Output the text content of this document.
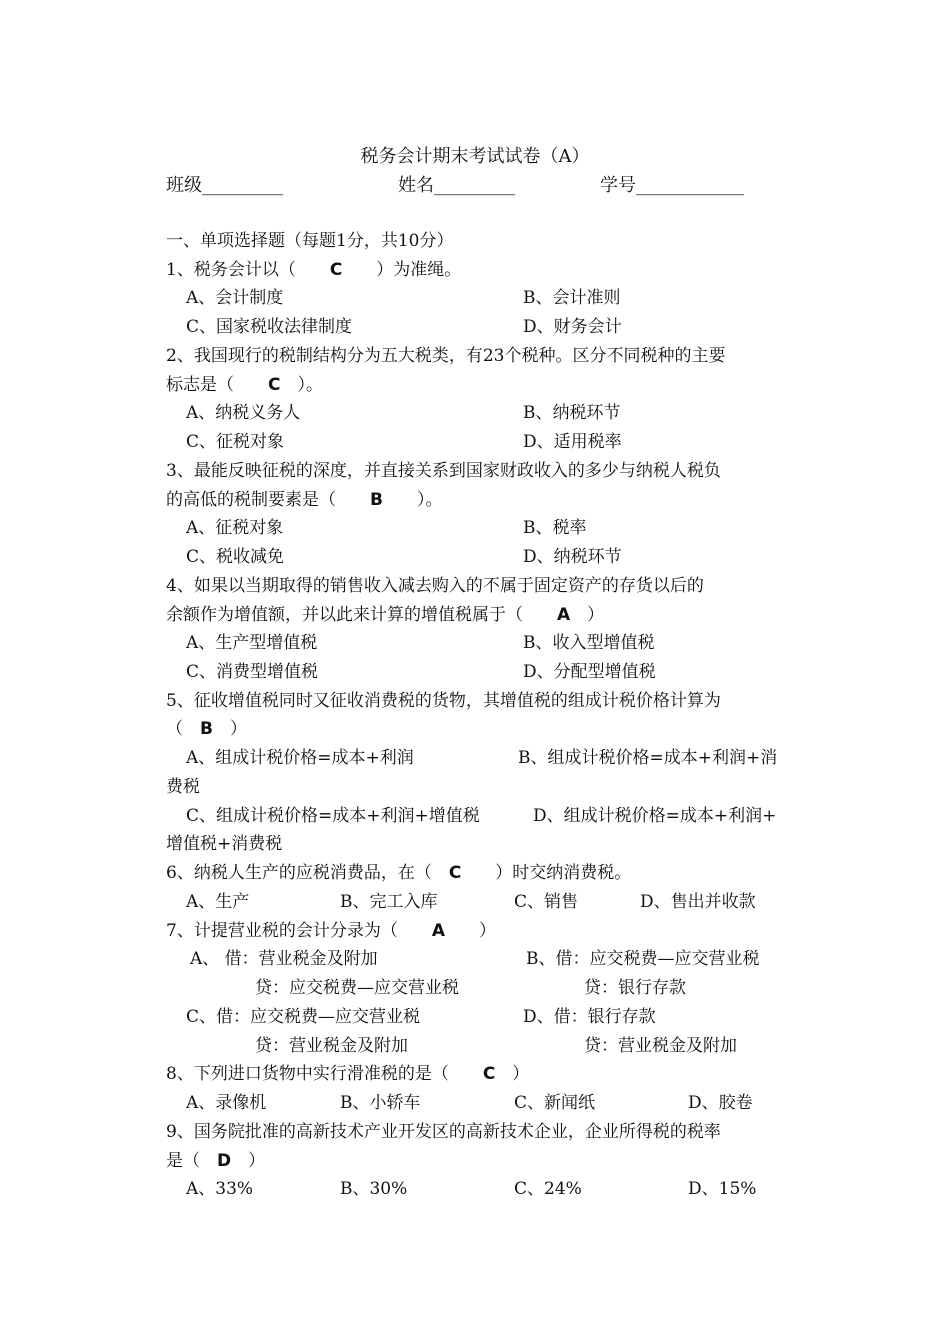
税务会计期末考试试卷（A）
班级_________	姓名_________	学号____________
一、单项选择题（每题1分，共10分）
1、税务会计以（　　C　　）为准绳。
A、会计制度	B、会计准则
C、国家税收法律制度	D、财务会计
2、我国现行的税制结构分为五大税类，有23个税种。区分不同税种的主要
标志是（　　C　）。
A、纳税义务人	B、纳税环节
C、征税对象	D、适用税率
3、最能反映征税的深度，并直接关系到国家财政收入的多少与纳税人税负
的高低的税制要素是（　　B　　）。
A、征税对象	B、税率
C、税收减免	D、纳税环节
4、如果以当期取得的销售收入减去购入的不属于固定资产的存货以后的
余额作为增值额，并以此来计算的增值税属于（　　A　）
A、生产型增值税	B、收入型增值税
C、消费型增值税	D、分配型增值税
5、征收增值税同时又征收消费税的货物，其增值税的组成计税价格计算为
（　B　）
A、组成计税价格=成本+利润	B、组成计税价格=成本+利润+消
费税
C、组成计税价格=成本+利润+增值税	D、组成计税价格=成本+利润+
增值税+消费税
6、纳税人生产的应税消费品，在（　C　　）时交纳消费税。
A、生产	B、完工入库	C、销售	D、售出并收款
7、计提营业税的会计分录为（　　A　　）
A、 借：营业税金及附加	B、借：应交税费—应交营业税
贷：应交税费—应交营业税	贷：银行存款
C、借：应交税费—应交营业税	D、借：银行存款
贷：营业税金及附加	贷：营业税金及附加
8、下列进口货物中实行滑准税的是（　　C　）
A、录像机	B、小轿车	C、新闻纸	D、胶卷
9、国务院批准的高新技术产业开发区的高新技术企业，企业所得税的税率
是（　D　）
A、33%	B、30%	C、24%	D、15%
